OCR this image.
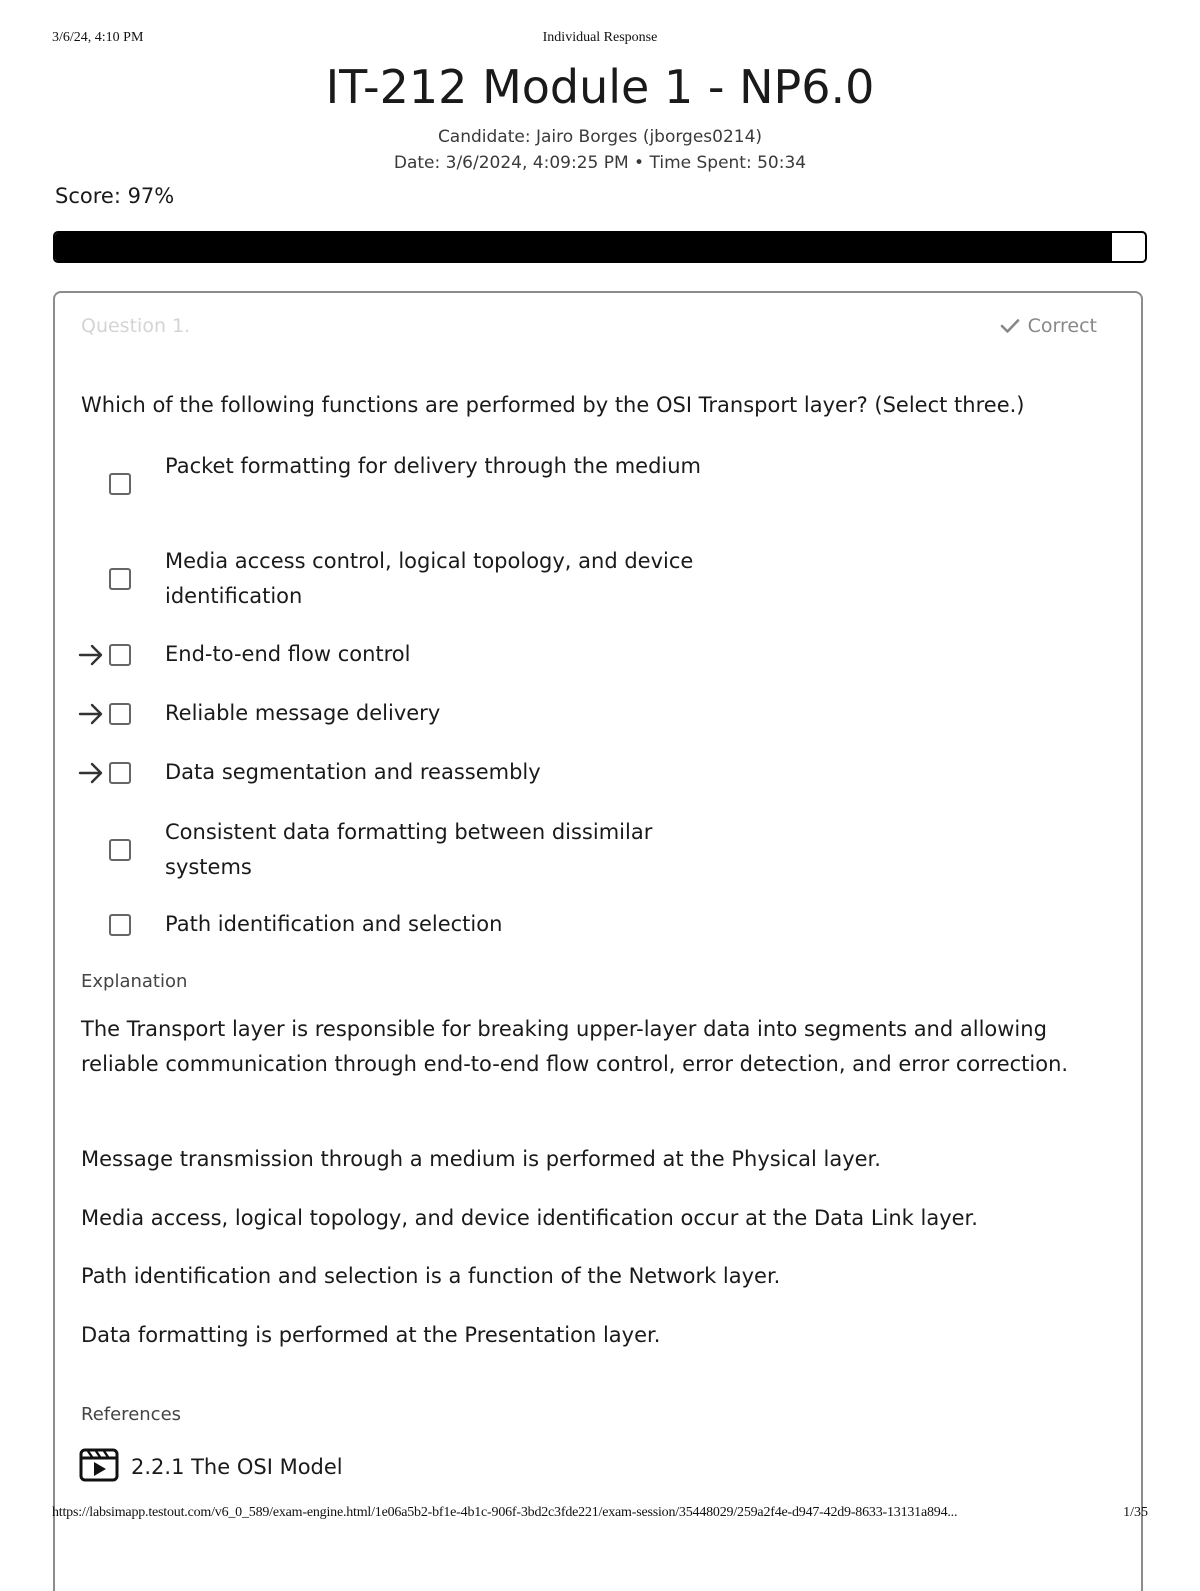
3/6/24, 4:10 PM	Individual Response
IT-212 Module 1 - NP6.0
Candidate: Jairo Borges (jborges0214)
Date: 3/6/2024, 4:09:25 PM • Time Spent: 50:34
Score: 97%
Question 1.	Correct
Which of the following functions are performed by the OSI Transport layer? (Select three.)
Packet formatting for delivery through the medium
Media access control, logical topology, and device identification
End-to-end flow control
Reliable message delivery
Data segmentation and reassembly
Consistent data formatting between dissimilar systems
Path identification and selection
Explanation

The Transport layer is responsible for breaking upper-layer data into segments and allowing reliable communication through end-to-end flow control, error detection, and error correction.

Message transmission through a medium is performed at the Physical layer.

Media access, logical topology, and device identification occur at the Data Link layer.

Path identification and selection is a function of the Network layer.

Data formatting is performed at the Presentation layer.

References
2.2.1 The OSI Model
https://labsimapp.testout.com/v6_0_589/exam-engine.html/1e06a5b2-bf1e-4b1c-906f-3bd2c3fde221/exam-session/35448029/259a2f4e-d947-42d9-8633-13131a894...	1/35
